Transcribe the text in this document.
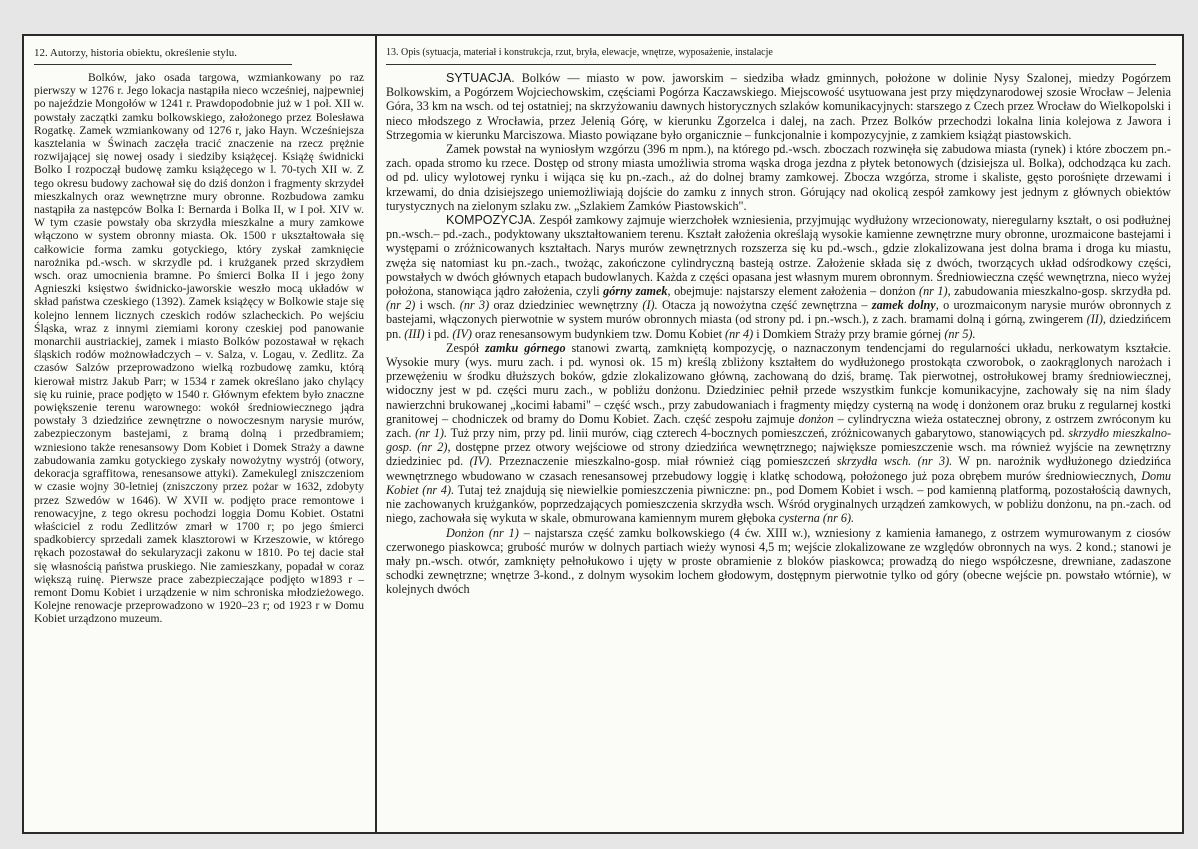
12. Autorzy, historia obiektu, określenie stylu.

Bolków, jako osada targowa, wzmiankowany po raz pierwszy w 1276 r. Jego lokacja nastąpiła nieco wcześniej, najpewniej po najeździe Mongołów w 1241 r. Prawdopodobnie już w 1 poł. XII w. powstały zaczątki zamku bolkowskiego, założonego przez Bolesława Rogatkę. Zamek wzmiankowany od 1276 r, jako Hayn. Wcześniejsza kasztelania w Świnach zaczęła tracić znaczenie na rzecz prężnie rozwijającej się nowej osady i siedziby książęcej. Książę świdnicki Bolko I rozpoczął budowę zamku książęcego w l. 70-tych XII w. Z tego okresu budowy zachował się do dziś donżon i fragmenty skrzydeł mieszkalnych oraz wewnętrzne mury obronne. Rozbudowa zamku nastąpiła za następców Bolka I: Bernarda i Bolka II, w I poł. XIV w. W tym czasie powstały oba skrzydła mieszkalne a mury zamkowe włączono w system obronny miasta. Ok. 1500 r ukształtowała się całkowicie forma zamku gotyckiego, który zyskał zamknięcie narożnika pd.-wsch. w skrzydle pd. i krużganek przed skrzydłem wsch. oraz umocnienia bramne. Po śmierci Bolka II i jego żony Agnieszki księstwo świdnicko-jaworskie weszło mocą układów w skład państwa czeskiego (1392). Zamek książęcy w Bolkowie staje się kolejno lennem licznych czeskich rodów szlacheckich. Po wejściu Śląska, wraz z innymi ziemiami korony czeskiej pod panowanie monarchii austriackiej, zamek i miasto Bolków pozostawał w rękach śląskich rodów możnowładczych – v. Salza, v. Logau, v. Zedlitz. Za czasów Salzów przeprowadzono wielką rozbudowę zamku, którą kierował mistrz Jakub Parr; w 1534 r zamek określano jako chylący się ku ruinie, prace podjęto w 1540 r. Głównym efektem było znaczne powiększenie terenu warownego: wokół średniowiecznego jądra powstały 3 dziedzińce zewnętrzne o nowoczesnym narysie murów, zabezpieczonym bastejami, z bramą dolną i przedbramiem; wzniesiono także renesansowy Dom Kobiet i Domek Straży a dawne zabudowania zamku gotyckiego zyskały nowożytny wystrój (otwory, dekoracja sgraffitowa, renesansowe attyki). Zamekulegl zniszczeniom w czasie wojny 30-letniej (zniszczony przez pożar w 1632, zdobyty przez Szwedów w 1646). W XVII w. podjęto prace remontowe i renowacyjne, z tego okresu pochodzi loggia Domu Kobiet. Ostatni właściciel z rodu Zedlitzów zmarł w 1700 r; po jego śmierci spadkobiercy sprzedali zamek klasztorowi w Krzeszowie, w którego rękach pozostawał do sekularyzacji zakonu w 1810. Po tej dacie stał się własnością państwa pruskiego. Nie zamieszkany, popadał w coraz większą ruinę. Pierwsze prace zabezpieczające podjęto w1893 r – remont Domu Kobiet i urządzenie w nim schroniska młodzieżowego. Kolejne renowacje przeprowadzono w 1920–23 r; od 1923 r w Domu Kobiet urządzono muzeum.

13. Opis (sytuacja, materiał i konstrukcja, rzut, bryła, elewacje, wnętrze, wyposażenie, instalacje

SYTUACJA. Bolków — miasto w pow. jaworskim – siedziba władz gminnych, położone w dolinie Nysy Szalonej, miedzy Pogórzem Bolkowskim, a Pogórzem Wojciechowskim, częściami Pogórza Kaczawskiego. Miejscowość usytuowana jest przy międzynarodowej szosie Wrocław – Jelenia Góra, 33 km na wsch. od tej ostatniej; na skrzyżowaniu dawnych historycznych szlaków komunikacyjnych: starszego z Czech przez Wrocław do Wielkopolski i nieco młodszego z Wrocławia, przez Jelenią Górę, w kierunku Zgorzelca i dalej, na zach. Przez Bolków przechodzi lokalna linia kolejowa z Jawora i Strzegomia w kierunku Marciszowa. Miasto powiązane było organicznie – funkcjonalnie i kompozycyjnie, z zamkiem książąt piastowskich.

Zamek powstał na wyniosłym wzgórzu (396 m npm.), na którego pd.-wsch. zboczach rozwinęła się zabudowa miasta (rynek) i które zboczem pn.-zach. opada stromo ku rzece. Dostęp od strony miasta umożliwia stroma wąska droga jezdna z płytek betonowych (dzisiejsza ul. Bolka), odchodząca ku zach. od pd. ulicy wylotowej rynku i wijąca się ku pn.-zach., aż do dolnej bramy zamkowej. Zbocza wzgórza, strome i skaliste, gęsto porośnięte drzewami i krzewami, do dnia dzisiejszego uniemożliwiają dojście do zamku z innych stron. Górujący nad okolicą zespół zamkowy jest jednym z głównych obiektów turystycznych na zielonym szlaku zw. „Szlakiem Zamków Piastowskich".

KOMPOZYCJA. Zespół zamkowy zajmuje wierzchołek wzniesienia, przyjmując wydłużony wrzecionowaty, nieregularny kształt, o osi podłużnej pn.-wsch.– pd.-zach., podyktowany ukształtowaniem terenu. Kształt założenia określają wysokie kamienne zewnętrzne mury obronne, urozmaicone bastejami i występami o zróżnicowanych kształtach. Narys murów zewnętrznych rozszerza się ku pd.-wsch., gdzie zlokalizowana jest dolna brama i droga ku miastu, zwęża się natomiast ku pn.-zach., twożąc, zakończone cylindryczną basteją ostrze. Założenie składa się z dwóch, tworzących układ odśrodkowy części, powstałych w dwóch głównych etapach budowlanych. Każda z części opasana jest własnym murem obronnym. Średniowieczna część wewnętrzna, nieco wyżej położona, stanowiąca jądro założenia, czyli górny zamek, obejmuje: najstarszy element założenia – donżon (nr 1), zabudowania mieszkalno-gosp. skrzydła pd. (nr 2) i wsch. (nr 3) oraz dziedziniec wewnętrzny (I). Otacza ją nowożytna część zewnętrzna – zamek dolny, o urozmaiconym narysie murów obronnych z bastejami, włączonych pierwotnie w system murów obronnych miasta (od strony pd. i pn.-wsch.), z zach. bramami dolną i górną, zwingerem (II), dziedzińcem pn. (III) i pd. (IV) oraz renesansowym budynkiem tzw. Domu Kobiet (nr 4) i Domkiem Straży przy bramie górnej (nr 5).

Zespół zamku górnego stanowi zwartą, zamkniętą kompozycję, o naznaczonym tendencjami do regularności układu, nerkowatym kształcie. Wysokie mury (wys. muru zach. i pd. wynosi ok. 15 m) kreślą zbliżony kształtem do wydłużonego prostokąta czworobok, o zaokrąglonych narożach i przewężeniu w środku dłuższych boków, gdzie zlokalizowano główną, zachowaną do dziś, bramę. Tak pierwotnej, ostrołukowej bramy średniowiecznej, widoczny jest w pd. części muru zach., w pobliżu donżonu. Dziedziniec pełnił przede wszystkim funkcje komunikacyjne, zachowały się na nim ślady nawierzchni brukowanej „kocimi łabami" – część wsch., przy zabudowaniach i fragmenty między cysterną na wodę i donżonem oraz bruku z regularnej kostki granitowej – chodniczek od bramy do Domu Kobiet. Zach. część zespołu zajmuje donżon – cylindryczna wieża ostatecznej obrony, z ostrzem zwróconym ku zach. (nr 1). Tuż przy nim, przy pd. linii murów, ciąg czterech 4-bocznych pomieszczeń, zróżnicowanych gabarytowo, stanowiących pd. skrzydło mieszkalno-gosp. (nr 2), dostępne przez otwory wejściowe od strony dziedzińca wewnętrznego; największe pomieszczenie wsch. ma również wyjście na zewnętrzny dziedziniec pd. (IV). Przeznaczenie mieszkalno-gosp. miał również ciąg pomieszczeń skrzydła wsch. (nr 3). W pn. narożnik wydłużonego dziedzińca wewnętrznego wbudowano w czasach renesansowej przebudowy loggię i klatkę schodową, położonego już poza obrębem murów średniowiecznych, Domu Kobiet (nr 4). Tutaj też znajdują się niewielkie pomieszczenia piwniczne: pn., pod Domem Kobiet i wsch. – pod kamienną platformą, pozostałością dawnych, nie zachowanych krużganków, poprzedzających pomieszczenia skrzydła wsch. Wśród oryginalnych urządzeń zamkowych, w pobliżu donżonu, na pn.-zach. od niego, zachowała się wykuta w skale, obmurowana kamiennym murem głęboka cysterna (nr 6).

Donżon (nr 1) – najstarsza część zamku bolkowskiego (4 ćw. XIII w.), wzniesiony z kamienia łamanego, z ostrzem wymurowanym z ciosów czerwonego piaskowca; grubość murów w dolnych partiach wieży wynosi 4,5 m; wejście zlokalizowane ze względów obronnych na wys. 2 kond.; stanowi je mały pn.-wsch. otwór, zamknięty pełnołukowo i ujęty w proste obramienie z bloków piaskowca; prowadzą do niego współczesne, drewniane, zadaszone schodki zewnętrzne; wnętrze 3-kond., z dolnym wysokim lochem głodowym, dostępnym pierwotnie tylko od góry (obecne wejście pn. powstało wtórnie), w kolejnych dwóch
